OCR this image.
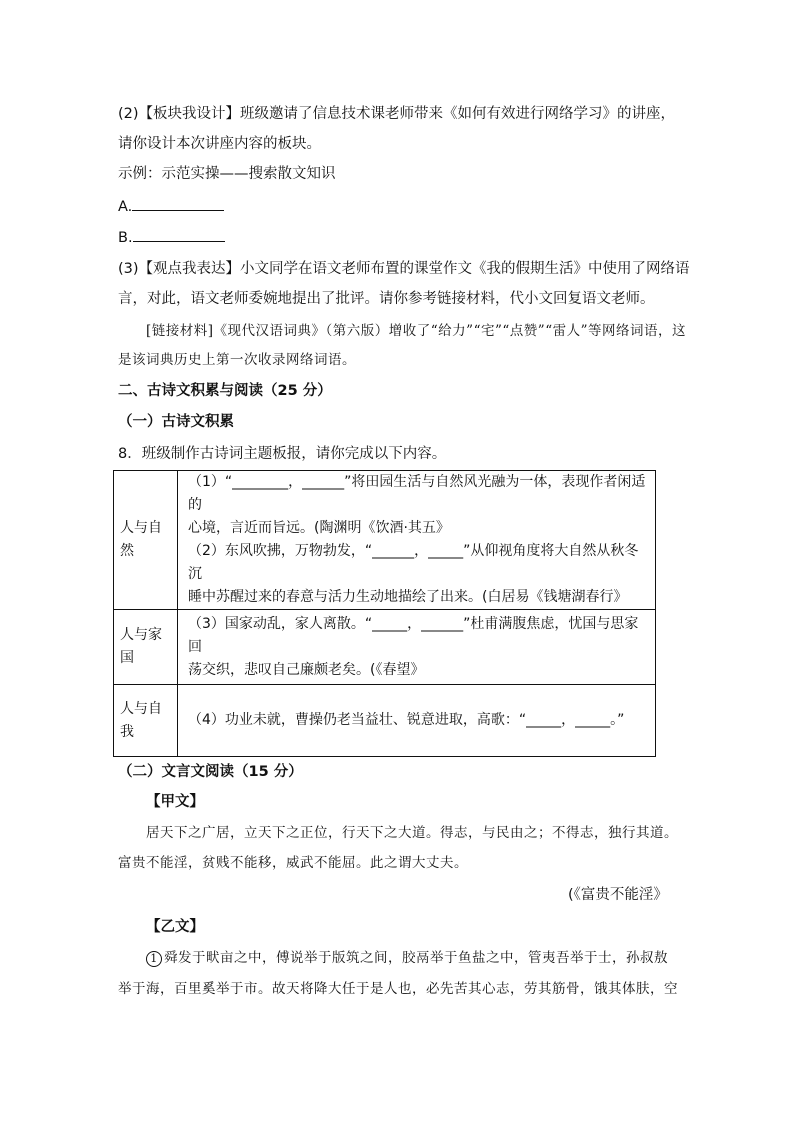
(2)【板块我设计】班级邀请了信息技术课老师带来《如何有效进行网络学习》的讲座，
请你设计本次讲座内容的板块。
示例：示范实操——搜索散文知识
A.
B.
(3)【观点我表达】小文同学在语文老师布置的课堂作文《我的假期生活》中使用了网络语
言，对此，语文老师委婉地提出了批评。请你参考链接材料，代小文回复语文老师。
[链接材料]《现代汉语词典》（第六版）增收了“给力”“宅”“点赞”“雷人”等网络词语，这
是该词典历史上第一次收录网络词语。
二、古诗文积累与阅读（25 分）
（一）古诗文积累
8．班级制作古诗词主题板报，请你完成以下内容。
人与自然	（1）“________，______”将田园生活与自然风光融为一体，表现作者闲适的
心境，言近而旨远。(陶渊明《饮酒·其五》
（2）东风吹拂，万物勃发，“______，_____”从仰视角度将大自然从秋冬沉
睡中苏醒过来的春意与活力生动地描绘了出来。(白居易《钱塘湖春行》

人与家国	（3）国家动乱，家人离散。“_____，______”杜甫满腹焦虑，忧国与思家回
荡交织，悲叹自己廉颇老矣。(《春望》

人与自我	（4）功业未就，曹操仍老当益壮、锐意进取，高歌：“_____，_____。”
（二）文言文阅读（15 分）
【甲文】
居天下之广居，立天下之正位，行天下之大道。得志，与民由之；不得志，独行其道。
富贵不能淫，贫贱不能移，威武不能屈。此之谓大丈夫。
(《富贵不能淫》
【乙文】
1 舜发于畎亩之中，傅说举于版筑之间，胶鬲举于鱼盐之中，管夷吾举于士，孙叔敖
举于海，百里奚举于市。故天将降大任于是人也，必先苦其心志，劳其筋骨，饿其体肤，空
